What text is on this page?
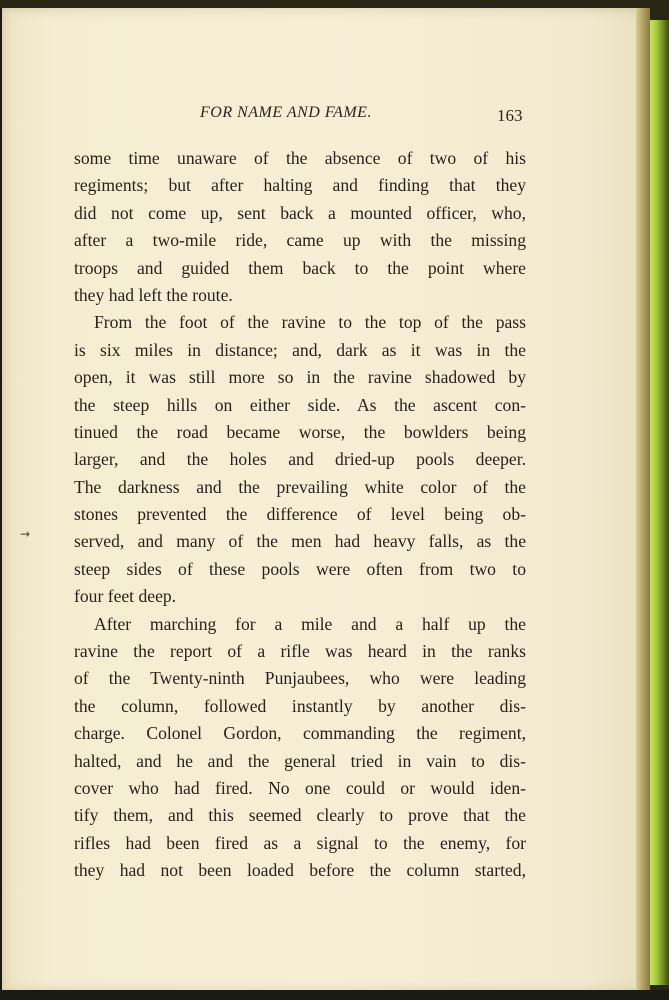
FOR NAME AND FAME.	163
→
some time unaware of the absence of two of his
regiments; but after halting and finding that they
did not come up, sent back a mounted officer, who,
after a two-mile ride, came up with the missing
troops and guided them back to the point where
they had left the route.
From the foot of the ravine to the top of the pass
is six miles in distance; and, dark as it was in the
open, it was still more so in the ravine shadowed by
the steep hills on either side. As the ascent con-
tinued the road became worse, the bowlders being
larger, and the holes and dried-up pools deeper.
The darkness and the prevailing white color of the
stones prevented the difference of level being ob-
served, and many of the men had heavy falls, as the
steep sides of these pools were often from two to
four feet deep.
After marching for a mile and a half up the
ravine the report of a rifle was heard in the ranks
of the Twenty-ninth Punjaubees, who were leading
the column, followed instantly by another dis-
charge. Colonel Gordon, commanding the regiment,
halted, and he and the general tried in vain to dis-
cover who had fired. No one could or would iden-
tify them, and this seemed clearly to prove that the
rifles had been fired as a signal to the enemy, for
they had not been loaded before the column started,
